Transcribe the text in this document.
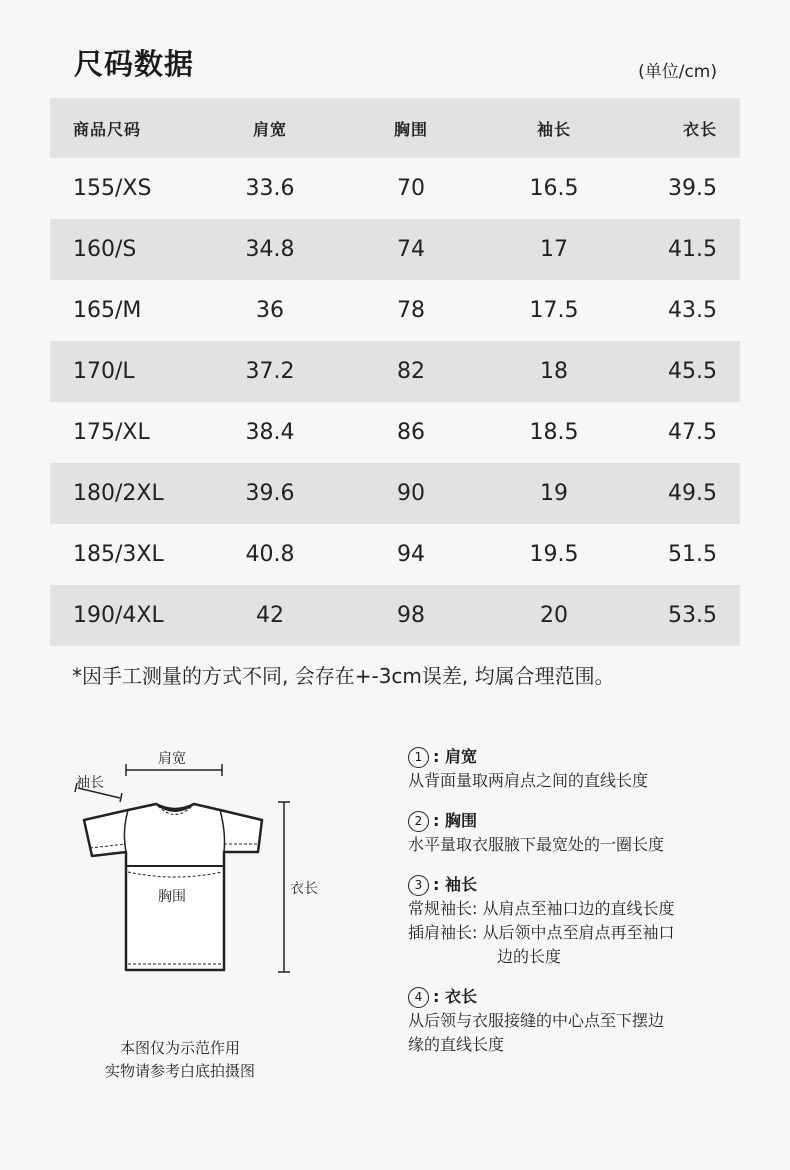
尺码数据	(单位/cm)
商品尺码	肩宽	胸围	袖长	衣长
155/XS	33.6	70	16.5	39.5
160/S	34.8	74	17	41.5
165/M	36	78	17.5	43.5
170/L	37.2	82	18	45.5
175/XL	38.4	86	18.5	47.5
180/2XL	39.6	90	19	49.5
185/3XL	40.8	94	19.5	51.5
190/4XL	42	98	20	53.5
*因手工测量的方式不同, 会存在+-3cm误差, 均属合理范围。
肩宽
袖长
胸围	衣长
本图仅为示范作用
实物请参考白底拍摄图
1 : 肩宽
从背面量取两肩点之间的直线长度
2 : 胸围
水平量取衣服腋下最宽处的一圈长度
3 : 袖长
常规袖长: 从肩点至袖口边的直线长度
插肩袖长: 从后领中点至肩点再至袖口
边的长度
4 : 衣长
从后领与衣服接缝的中心点至下摆边
缘的直线长度
